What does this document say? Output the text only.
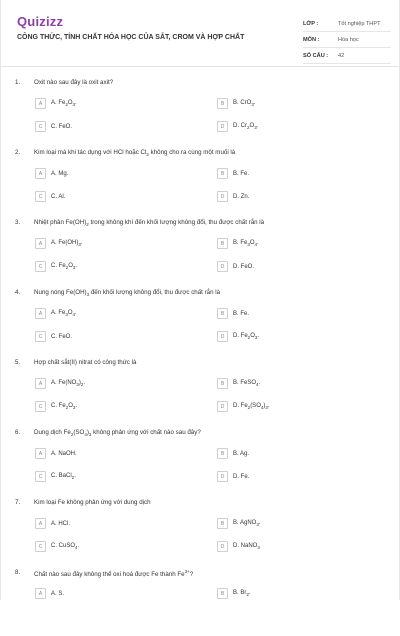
Quizizz
CÔNG THỨC, TÍNH CHẤT HÓA HỌC CỦA SẮT, CROM VÀ HỢP CHẤT
LỚP :	Tốt nghiệp THPT
MÔN :	Hóa học
SỐ CÂU :	42
1. Oxit nào sau đây là oxit axit?
A	A. $Fe_2O_3$.	B	B. CrO$_3$.
C	C. FeO.	D	D. $Cr_2O_3$.
2. Kim loại mà khi tác dụng với HCl hoặc $Cl_2$ không cho ra cùng một muối là
A	A. Mg.	B	B. Fe.
C	C. Al.	D	D. Zn.
3. Nhiệt phân $Fe(OH)_2$ trong không khí đến khối lượng không đổi, thu được chất rắn là
A	A. $Fe(OH)_3$.	B	B. $Fe_3O_4$.
C	C. $Fe_2O_3$.	D	D. FeO.
4. Nung nóng $Fe(OH)_3$ đến khối lượng không đổi, thu được chất rắn là
A	A. $Fe_3O_4$.	B	B. Fe.
C	C. FeO.	D	D. $Fe_2O_3$.
5. Hợp chất sắt(II) nitrat có công thức là
A	A. $Fe(NO_3)_2$.	B	B. FeSO$_4$.
C	C. $Fe_2O_3$.	D	D. $Fe_2(SO_4)_3$.
6. Dung dịch $Fe_2(SO_4)_3$ không phản ứng với chất nào sau đây?
A	A. NaOH.	B	B. Ag.
C	C. BaCl$_2$.	D	D. Fe.
7. Kim loại Fe không phản ứng với dung dịch
A	A. HCl.	B	B. AgNO$_3$.
C	C. CuSO$_4$.	D	D. NaNO$_3$
8. Chất nào sau đây không thể oxi hoá được Fe thành $Fe^{3+}$?
A	A. S.	B	B. $Br_2$.
